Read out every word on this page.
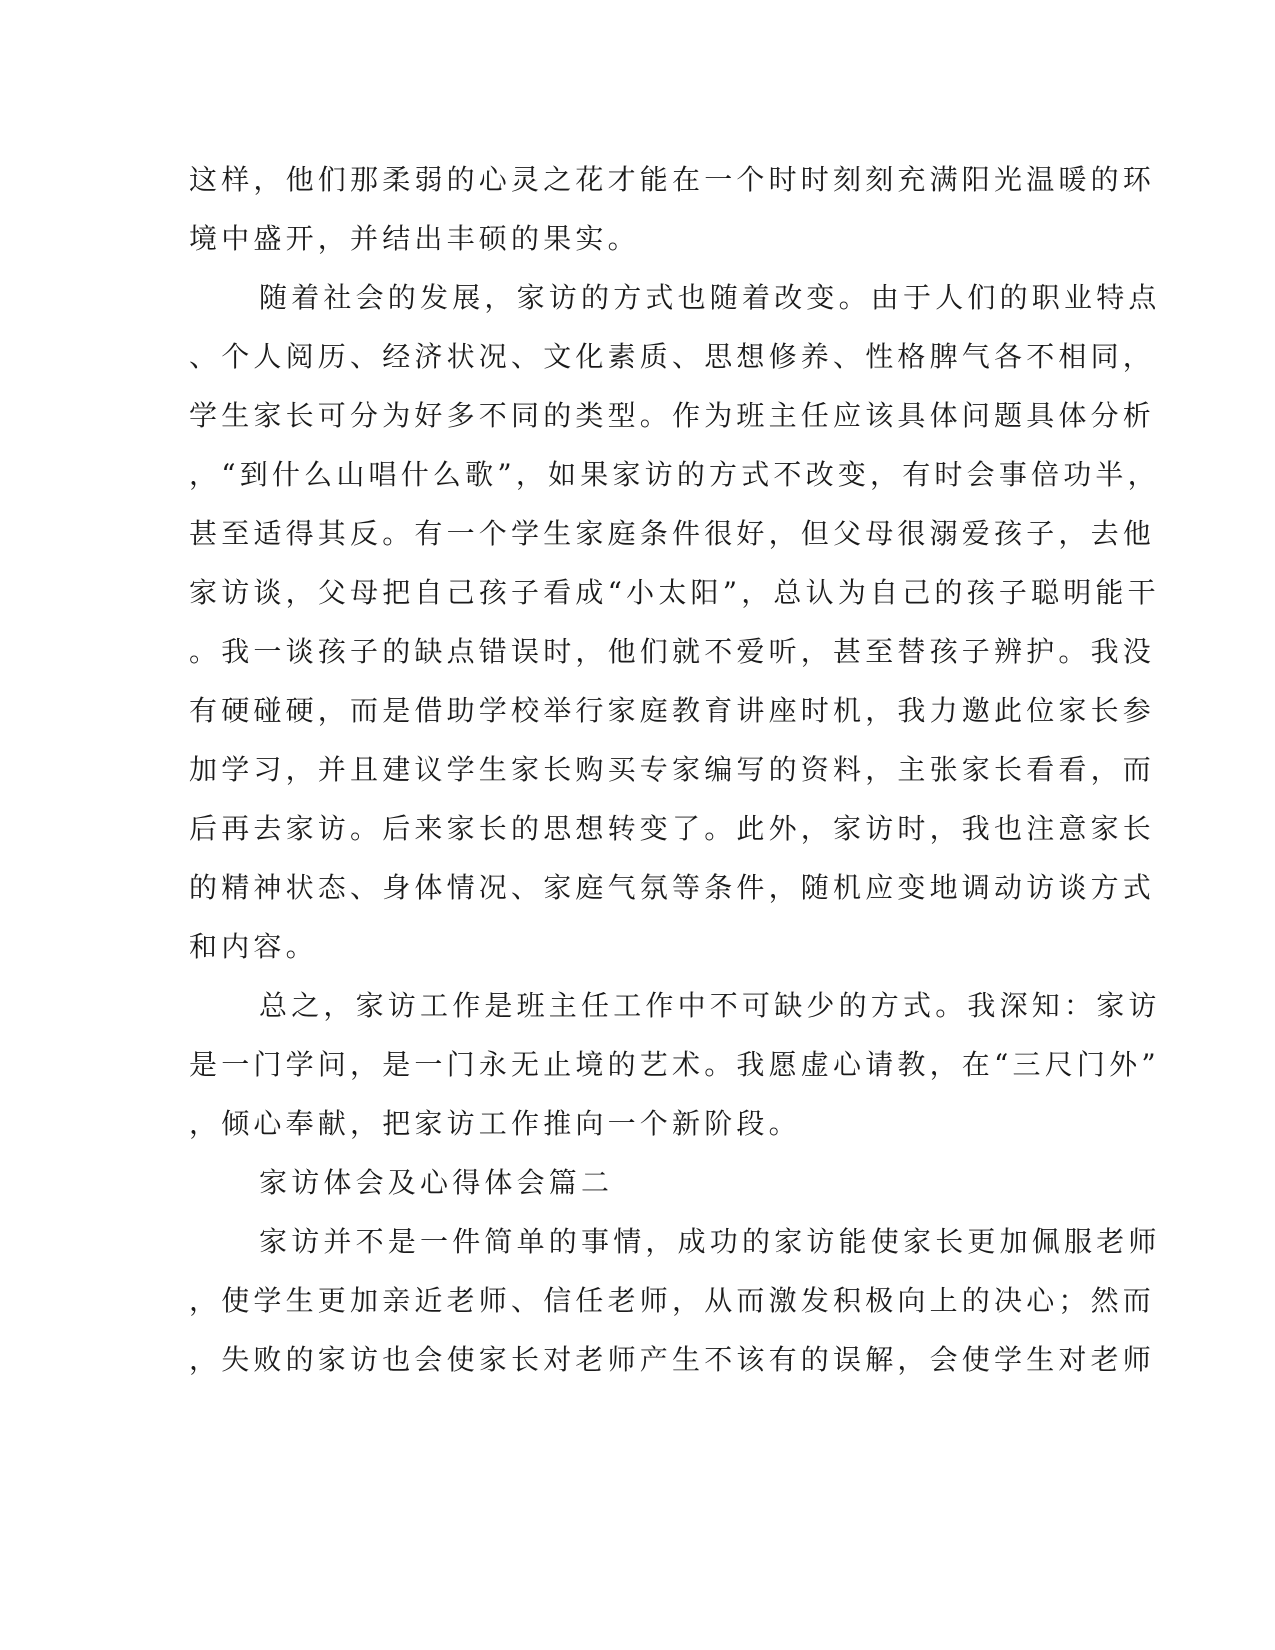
这样，他们那柔弱的心灵之花才能在一个时时刻刻充满阳光温暖的环
境中盛开，并结出丰硕的果实。
随着社会的发展，家访的方式也随着改变。由于人们的职业特点
、个人阅历、经济状况、文化素质、思想修养、性格脾气各不相同，
学生家长可分为好多不同的类型。作为班主任应该具体问题具体分析
，“到什么山唱什么歌”，如果家访的方式不改变，有时会事倍功半，
甚至适得其反。有一个学生家庭条件很好，但父母很溺爱孩子，去他
家访谈，父母把自己孩子看成“小太阳”，总认为自己的孩子聪明能干
。我一谈孩子的缺点错误时，他们就不爱听，甚至替孩子辨护。我没
有硬碰硬，而是借助学校举行家庭教育讲座时机，我力邀此位家长参
加学习，并且建议学生家长购买专家编写的资料，主张家长看看，而
后再去家访。后来家长的思想转变了。此外，家访时，我也注意家长
的精神状态、身体情况、家庭气氛等条件，随机应变地调动访谈方式
和内容。
总之，家访工作是班主任工作中不可缺少的方式。我深知：家访
是一门学问，是一门永无止境的艺术。我愿虚心请教，在“三尺门外”
，倾心奉献，把家访工作推向一个新阶段。
家访体会及心得体会篇二
家访并不是一件简单的事情，成功的家访能使家长更加佩服老师
，使学生更加亲近老师、信任老师，从而激发积极向上的决心；然而
，失败的家访也会使家长对老师产生不该有的误解，会使学生对老师
